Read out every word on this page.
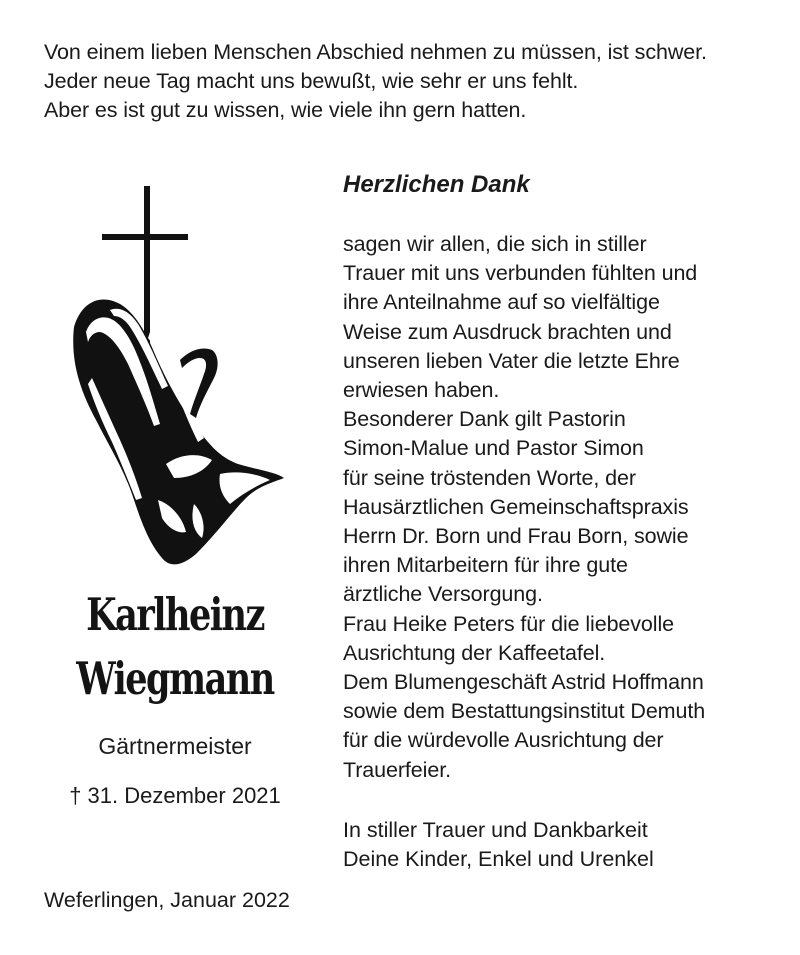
Von einem lieben Menschen Abschied nehmen zu müssen, ist schwer.
Jeder neue Tag macht uns bewußt, wie sehr er uns fehlt.
Aber es ist gut zu wissen, wie viele ihn gern hatten.
Karlheinz
Wiegmann
Gärtnermeister
† 31. Dezember 2021
Herzlichen Dank
sagen wir allen, die sich in stiller
Trauer mit uns verbunden fühlten und
ihre Anteilnahme auf so vielfältige
Weise zum Ausdruck brachten und
unseren lieben Vater die letzte Ehre
erwiesen haben.
Besonderer Dank gilt Pastorin
Simon-Malue und Pastor Simon
für seine tröstenden Worte, der
Hausärztlichen Gemeinschaftspraxis
Herrn Dr. Born und Frau Born, sowie
ihren Mitarbeitern für ihre gute
ärztliche Versorgung.
Frau Heike Peters für die liebevolle
Ausrichtung der Kaffeetafel.
Dem Blumengeschäft Astrid Hoffmann
sowie dem Bestattungsinstitut Demuth
für die würdevolle Ausrichtung der
Trauerfeier.
In stiller Trauer und Dankbarkeit
Deine Kinder, Enkel und Urenkel
Weferlingen, Januar 2022
